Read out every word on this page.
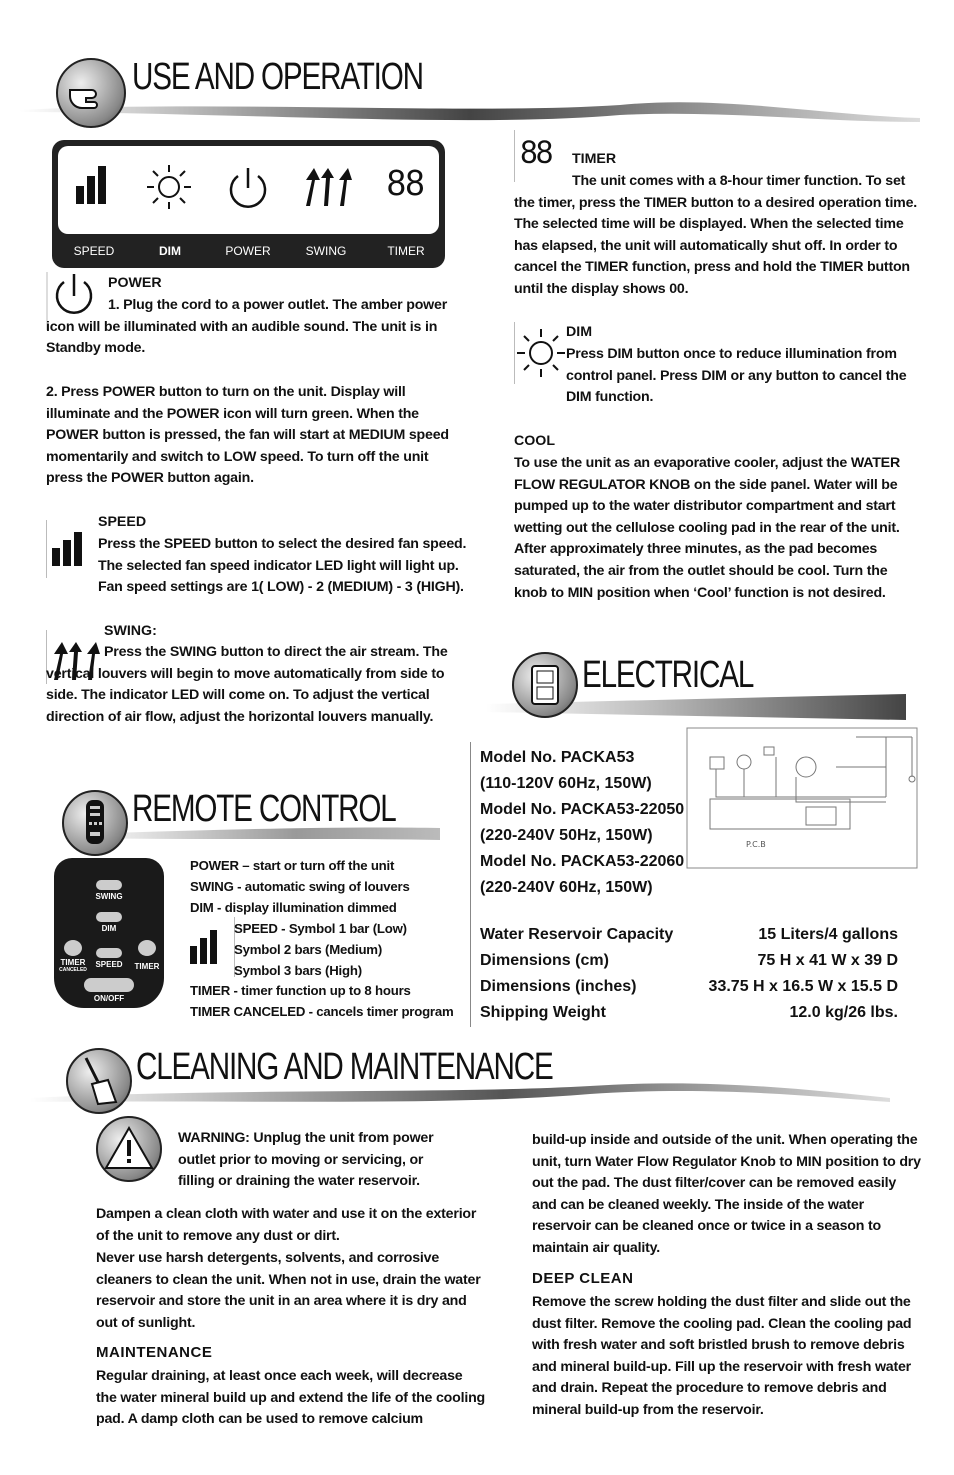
USE AND OPERATION
88
SPEED	DIM	POWER	SWING	TIMER
POWER
1. Plug the cord to a power outlet. The amber power icon will be illuminated with an audible sound. The unit is in Standby mode.
2. Press POWER button to turn on the unit. Display will illuminate and the POWER icon will turn green. When the POWER button is pressed, the fan will start at MEDIUM speed momentarily and switch to LOW speed. To turn off the unit press the POWER button again.
SPEED
Press the SPEED button to select the desired fan speed. The selected fan speed indicator LED light will light up. Fan speed settings are 1( LOW) - 2 (MEDIUM) - 3 (HIGH).
SWING:
Press the SWING button to direct the air stream. The vertical louvers will begin to move automatically from side to side. The indicator LED will come on. To adjust the vertical direction of air flow, adjust the horizontal louvers manually.
88 TIMER
The unit comes with a 8-hour timer function. To set the timer, press the TIMER button to a desired operation time. The selected time will be displayed. When the selected time has elapsed, the unit will automatically shut off. In order to cancel the TIMER function, press and hold the TIMER button until the display shows 00.
DIM
Press DIM button once to reduce illumination from control panel. Press DIM or any button to cancel the DIM function.
COOL
To use the unit as an evaporative cooler, adjust the WATER FLOW REGULATOR KNOB on the side panel. Water will be pumped up to the water distributor compartment and start wetting out the cellulose cooling pad in the rear of the unit. After approximately three minutes, as the pad becomes saturated, the air from the outlet should be cool. Turn the knob to MIN position when ‘Cool’ function is not desired.
ELECTRICAL
Model No. PACKA53
(110-120V 60Hz, 150W)
Model No. PACKA53-22050
(220-240V 50Hz, 150W)
Model No. PACKA53-22060
(220-240V 60Hz, 150W)
P.C.B
Water Reservoir Capacity	15 Liters/4 gallons
Dimensions (cm)	75 H x 41 W x 39 D
Dimensions (inches)	33.75 H x 16.5 W x 15.5 D
Shipping Weight	12.0 kg/26 lbs.
REMOTE CONTROL
SWING
DIM
TIMER
CANCELED
SPEED	TIMER
ON/OFF
POWER – start or turn off the unit
SWING - automatic swing of louvers
DIM - display illumination dimmed
SPEED - Symbol 1 bar (Low)
Symbol 2 bars (Medium)
Symbol 3 bars (High)
TIMER - timer function up to 8 hours
TIMER CANCELED - cancels timer program
CLEANING AND MAINTENANCE
WARNING: Unplug the unit from power outlet prior to moving or servicing, or filling or draining the water reservoir.
Dampen a clean cloth with water and use it on the exterior of the unit to remove any dust or dirt.
Never use harsh detergents, solvents, and corrosive cleaners to clean the unit. When not in use, drain the water reservoir and store the unit in an area where it is dry and out of sunlight.
MAINTENANCE
Regular draining, at least once each week, will decrease the water mineral build up and extend the life of the cooling pad. A damp cloth can be used to remove calcium
build-up inside and outside of the unit. When operating the unit, turn Water Flow Regulator Knob to MIN position to dry out the pad. The dust filter/cover can be removed easily and can be cleaned weekly. The inside of the water reservoir can be cleaned once or twice in a season to maintain air quality.
DEEP CLEAN
Remove the screw holding the dust filter and slide out the dust filter. Remove the cooling pad. Clean the cooling pad with fresh water and soft bristled brush to remove debris and mineral build-up. Fill up the reservoir with fresh water and drain. Repeat the procedure to remove debris and mineral build-up from the reservoir.
